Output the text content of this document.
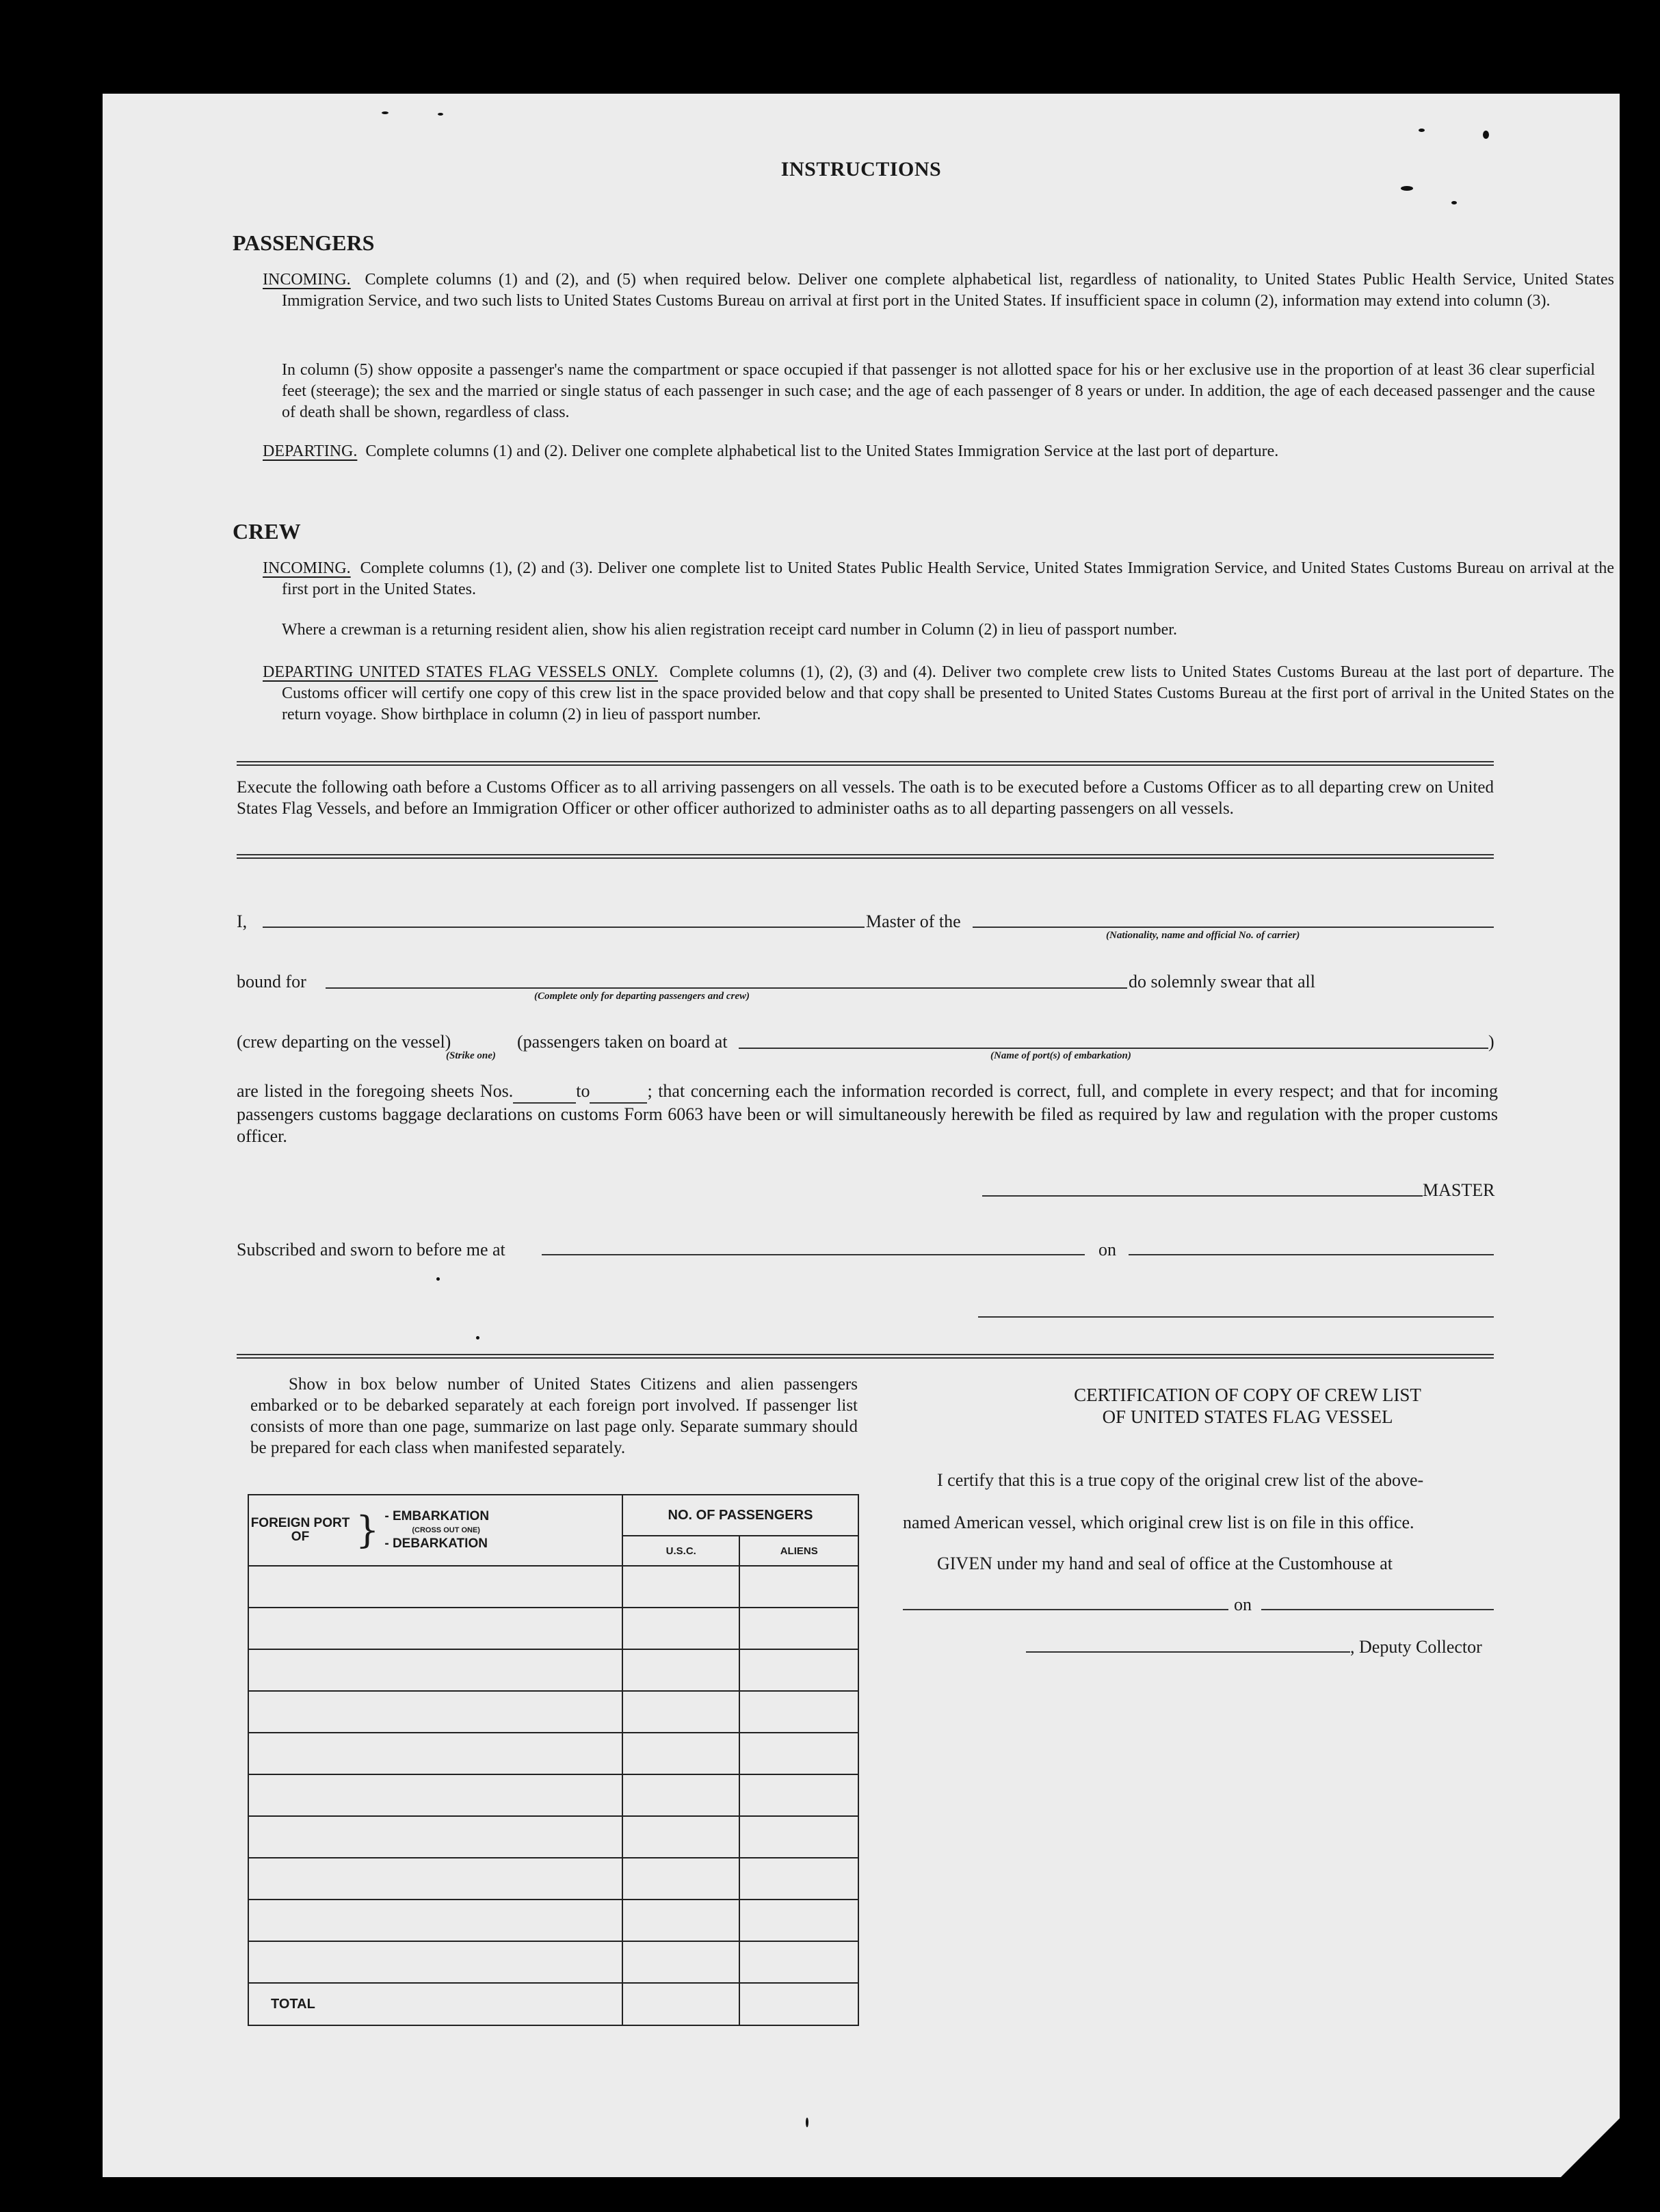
INSTRUCTIONS
PASSENGERS
INCOMING. Complete columns (1) and (2), and (5) when required below. Deliver one complete alphabetical list, regardless of nationality, to United States Public Health Service, United States Immigration Service, and two such lists to United States Customs Bureau on arrival at first port in the United States. If insufficient space in column (2), information may extend into column (3).
In column (5) show opposite a passenger's name the compartment or space occupied if that passenger is not allotted space for his or her exclusive use in the proportion of at least 36 clear superficial feet (steerage); the sex and the married or single status of each passenger in such case; and the age of each passenger of 8 years or under. In addition, the age of each deceased passenger and the cause of death shall be shown, regardless of class.
DEPARTING. Complete columns (1) and (2). Deliver one complete alphabetical list to the United States Immigration Service at the last port of departure.
CREW
INCOMING. Complete columns (1), (2) and (3). Deliver one complete list to United States Public Health Service, United States Immigration Service, and United States Customs Bureau on arrival at the first port in the United States.
Where a crewman is a returning resident alien, show his alien registration receipt card number in Column (2) in lieu of passport number.
DEPARTING UNITED STATES FLAG VESSELS ONLY. Complete columns (1), (2), (3) and (4). Deliver two complete crew lists to United States Customs Bureau at the last port of departure. The Customs officer will certify one copy of this crew list in the space provided below and that copy shall be presented to United States Customs Bureau at the first port of arrival in the United States on the return voyage. Show birthplace in column (2) in lieu of passport number.
Execute the following oath before a Customs Officer as to all arriving passengers on all vessels. The oath is to be executed before a Customs Officer as to all departing crew on United States Flag Vessels, and before an Immigration Officer or other officer authorized to administer oaths as to all departing passengers on all vessels.
I,	Master of the
(Nationality, name and official No. of carrier)
bound for
(Complete only for departing passengers and crew)
do solemnly swear that all
(crew departing on the vessel)	(passengers taken on board at	)
(Strike one)	(Name of port(s) of embarkation)
are listed in the foregoing sheets Nos.	to	; that concerning each the information recorded is correct, full, and complete in every respect; and that for incoming passengers customs baggage declarations on customs Form 6063 have been or will simultaneously herewith be filed as required by law and regulation with the proper customs officer.
MASTER
Subscribed and sworn to before me at	on
Show in box below number of United States Citizens and alien passengers embarked or to be debarked separately at each foreign port involved. If passenger list consists of more than one page, summarize on last page only. Separate summary should be prepared for each class when manifested separately.
FOREIGN PORT OF } - EMBARKATION
(CROSS OUT ONE)
- DEBARKATION	NO. OF PASSENGERS	
	U.S.C.	ALIENS

TOTAL		
CERTIFICATION OF COPY OF CREW LIST
OF UNITED STATES FLAG VESSEL
I certify that this is a true copy of the original crew list of the above-
named American vessel, which original crew list is on file in this office.
GIVEN under my hand and seal of office at the Customhouse at
on
, Deputy Collector
